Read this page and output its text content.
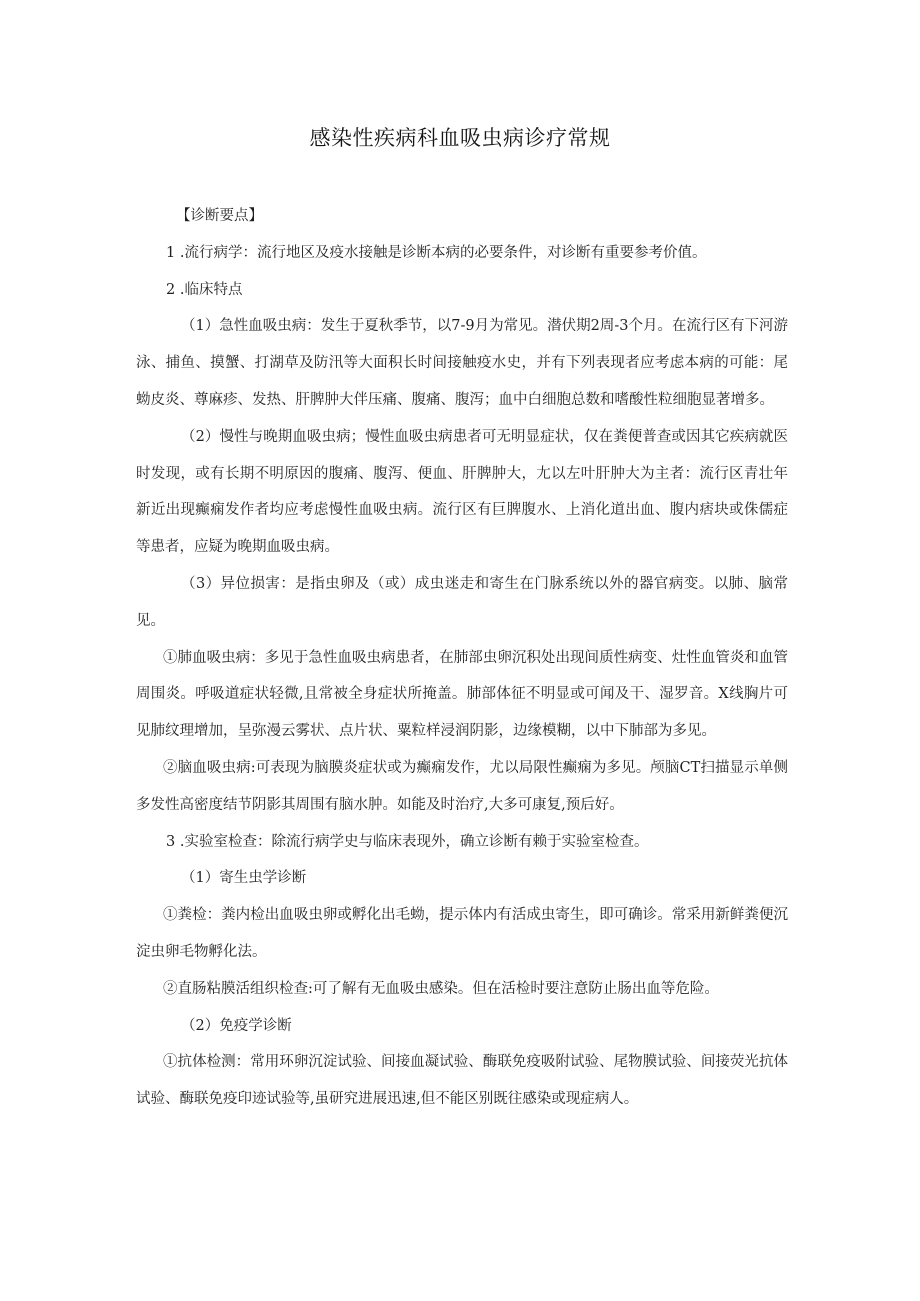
感染性疾病科血吸虫病诊疗常规

【诊断要点】

1 .流行病学：流行地区及疫水接触是诊断本病的必要条件，对诊断有重要参考价值。

2 .临床特点

（1）急性血吸虫病：发生于夏秋季节，以7-9月为常见。潜伏期2周-3个月。在流行区有下河游泳、捕鱼、摸蟹、打湖草及防汛等大面积长时间接触疫水史，并有下列表现者应考虑本病的可能：尾蚴皮炎、尊麻疹、发热、肝脾肿大伴压痛、腹痛、腹泻；血中白细胞总数和嗜酸性粒细胞显著增多。

（2）慢性与晚期血吸虫病；慢性血吸虫病患者可无明显症状，仅在粪便普查或因其它疾病就医时发现，或有长期不明原因的腹痛、腹泻、便血、肝脾肿大，尢以左叶肝肿大为主者：流行区青壮年新近出现癫痫发作者均应考虑慢性血吸虫病。流行区有巨脾腹水、上消化道出血、腹内痞块或侏儒症等患者，应疑为晚期血吸虫病。

（3）异位损害：是指虫卵及（或）成虫迷走和寄生在门脉系统以外的器官病变。以肺、脑常见。

①肺血吸虫病：多见于急性血吸虫病患者，在肺部虫卵沉积处出现间质性病变、灶性血管炎和血管周围炎。呼吸道症状轻微,且常被全身症状所掩盖。肺部体征不明显或可闻及干、湿罗音。X线胸片可见肺纹理增加，呈弥漫云雾状、点片状、粟粒样浸润阴影，边缘模糊，以中下肺部为多见。

②脑血吸虫病:可表现为脑膜炎症状或为癫痫发作，尤以局限性癫痫为多见。颅脑CT扫描显示单侧多发性高密度结节阴影其周围有脑水肿。如能及时治疗,大多可康复,预后好。

3 .实验室检查：除流行病学史与临床表现外，确立诊断有赖于实验室检查。

（1）寄生虫学诊断

①粪检：粪内检出血吸虫卵或孵化出毛蚴，提示体内有活成虫寄生，即可确诊。常采用新鲜粪便沉淀虫卵毛物孵化法。

②直肠粘膜活组织检查:可了解有无血吸虫感染。但在活检时要注意防止肠出血等危险。

（2）免疫学诊断

①抗体检测：常用环卵沉淀试验、间接血凝试验、酶联免疫吸附试验、尾物膜试验、间接荧光抗体试验、酶联免疫印迹试验等,虽研究进展迅速,但不能区别既往感染或现症病人。
